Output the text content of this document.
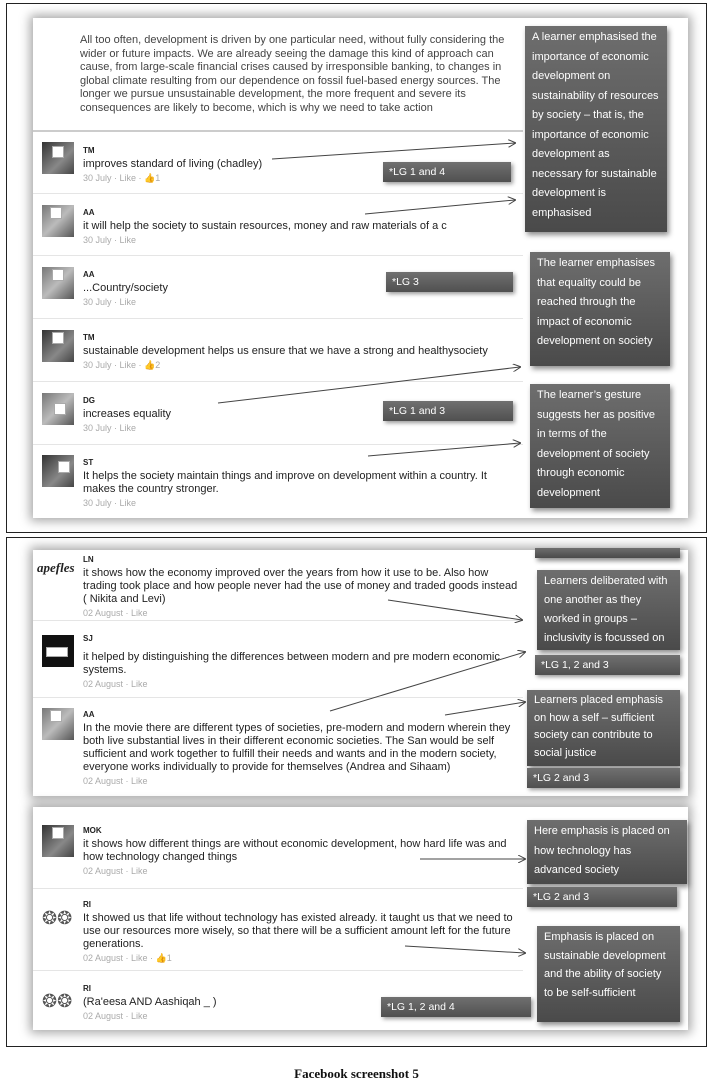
All too often, development is driven by one particular need, without fully considering the wider or future impacts. We are already seeing the damage this kind of approach can cause, from large-scale financial crises caused by irresponsible banking, to changes in global climate resulting from our dependence on fossil fuel-based energy sources. The longer we pursue unsustainable development, the more frequent and severe its consequences are likely to become, which is why we need to take action
TM
improves standard of living (chadley)
30 July · Like · 👍1
AA
it will help the society to sustain resources, money and raw materials of a c
30 July · Like
AA
...Country/society
30 July · Like
TM
sustainable development helps us ensure that we have a strong and healthysociety
30 July · Like · 👍2
DG
increases equality
30 July · Like
ST
It helps the society maintain things and improve on development within a country. It makes the country stronger.
30 July · Like
A learner emphasised the importance of economic development on sustainability of resources by society – that is, the importance of economic development as necessary for sustainable development is emphasised
The learner emphasises that equality could be reached through the impact of economic development on society
The learner’s gesture suggests her as positive in terms of the development of society through economic development
*LG 1 and 4
*LG 3
*LG 1 and 3
apefles
LN
it shows how the economy improved over the years from how it use to be. Also how trading took place and how people never had the use of money and traded goods instead ( Nikita and Levi)
02 August · Like
SJ
it helped by distinguishing the differences between modern and pre modern economic systems.
02 August · Like
AA
In the movie there are different types of societies, pre-modern and modern wherein they both live substantial lives in their different economic societies. The San would be self sufficient and work together to fulfill their needs and wants and in the modern society, everyone works individually to provide for themselves (Andrea and Sihaam)
02 August · Like
MOK
it shows how different things are without economic development, how hard life was and how technology changed things
02 August · Like
❂❂
RI
It showed us that life without technology has existed already. it taught us that we need to use our resources more wisely, so that there will be a sufficient amount left for the future generations.
02 August · Like · 👍1
❂❂
RI
(Ra'eesa AND Aashiqah _ )
02 August · Like
Learners deliberated with one another as they worked in groups – inclusivity is focussed on
*LG 1, 2 and 3
Learners placed emphasis on how a self – sufficient society can contribute to social justice
*LG 2 and 3
Here emphasis is placed on how technology has advanced society
*LG 2 and 3
Emphasis is placed on sustainable development and the ability of society to be self-sufficient
*LG 1, 2 and 4
Facebook screenshot 5
